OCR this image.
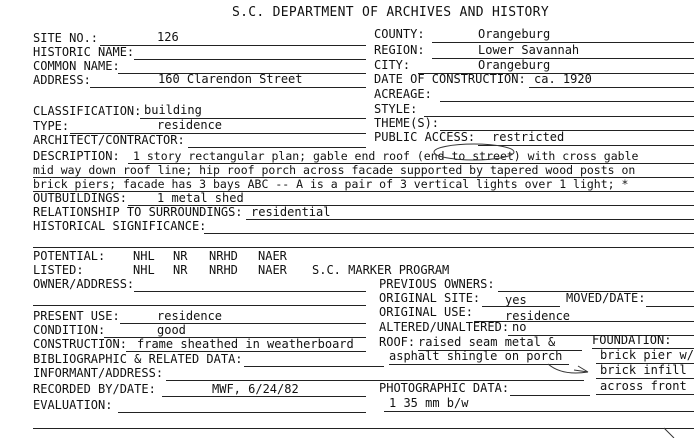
S.C. DEPARTMENT OF ARCHIVES AND HISTORY
COUNTY:	Orangeburg
SITE NO.:	126
REGION:	Lower Savannah
HISTORIC NAME:
COMMON NAME:	CITY:	Orangeburg
ADDRESS:	160 Clarendon Street	DATE OF CONSTRUCTION: ca. 1920
ACREAGE:
STYLE:
CLASSIFICATION: building
THEME(S):
TYPE:	residence
PUBLIC ACCESS: restricted
ARCHITECT/CONTRACTOR:
DESCRIPTION: 1 story rectangular plan; gable end roof (end to street) with cross gable
mid way down roof line; hip roof porch across facade supported by tapered wood posts on
brick piers; facade has 3 bays ABC -- A is a pair of 3 vertical lights over 1 light; *
OUTBUILDINGS:	1 metal shed
RELATIONSHIP TO SURROUNDINGS: residential
HISTORICAL SIGNIFICANCE:
POTENTIAL: NHL NR NRHD NAER
LISTED:	NHL NR NRHD NAER S.C. MARKER PROGRAM
OWNER/ADDRESS:	PREVIOUS OWNERS:
ORIGINAL SITE: yes	MOVED/DATE:
PRESENT USE:	residence	ORIGINAL USE:	residence
CONDITION:	good	ALTERED/UNALTERED: no
CONSTRUCTION: frame sheathed in weatherboard ROOF: raised seam metal &
asphalt shingle on porch
FOUNDATION:
brick pier w/
brick infill
across front
BIBLIOGRAPHIC & RELATED DATA:
INFORMANT/ADDRESS:
RECORDED BY/DATE:	MWF, 6/24/82	PHOTOGRAPHIC DATA:
1 35 mm b/w
EVALUATION:
